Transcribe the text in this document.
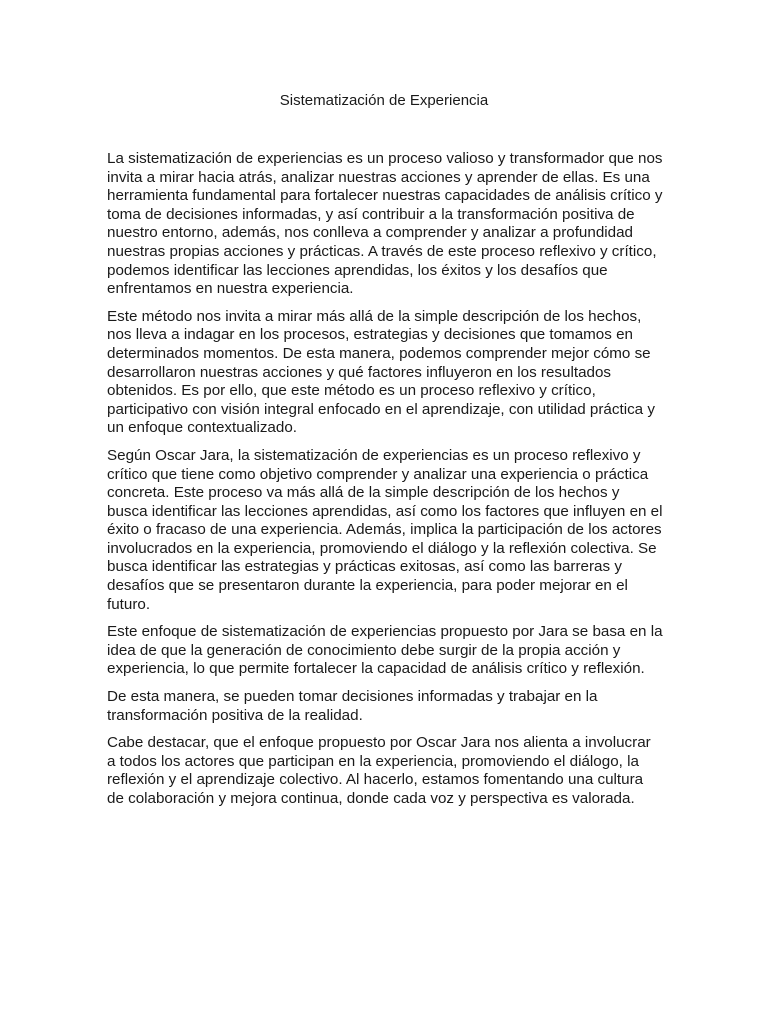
Sistematización de Experiencia

La sistematización de experiencias es un proceso valioso y transformador que nos invita a mirar hacia atrás, analizar nuestras acciones y aprender de ellas. Es una herramienta fundamental para fortalecer nuestras capacidades de análisis crítico y toma de decisiones informadas, y así contribuir a la transformación positiva de nuestro entorno, además, nos conlleva a comprender y analizar a profundidad nuestras propias acciones y prácticas. A través de este proceso reflexivo y crítico, podemos identificar las lecciones aprendidas, los éxitos y los desafíos que enfrentamos en nuestra experiencia.

Este método nos invita a mirar más allá de la simple descripción de los hechos, nos lleva a indagar en los procesos, estrategias y decisiones que tomamos en determinados momentos. De esta manera, podemos comprender mejor cómo se desarrollaron nuestras acciones y qué factores influyeron en los resultados obtenidos. Es por ello, que este método es un proceso reflexivo y crítico, participativo con visión integral enfocado en el aprendizaje, con utilidad práctica y un enfoque contextualizado.

Según Oscar Jara, la sistematización de experiencias es un proceso reflexivo y crítico que tiene como objetivo comprender y analizar una experiencia o práctica concreta. Este proceso va más allá de la simple descripción de los hechos y busca identificar las lecciones aprendidas, así como los factores que influyen en el éxito o fracaso de una experiencia. Además, implica la participación de los actores involucrados en la experiencia, promoviendo el diálogo y la reflexión colectiva. Se busca identificar las estrategias y prácticas exitosas, así como las barreras y desafíos que se presentaron durante la experiencia, para poder mejorar en el futuro.

Este enfoque de sistematización de experiencias propuesto por Jara se basa en la idea de que la generación de conocimiento debe surgir de la propia acción y experiencia, lo que permite fortalecer la capacidad de análisis crítico y reflexión.

De esta manera, se pueden tomar decisiones informadas y trabajar en la transformación positiva de la realidad.

Cabe destacar, que el enfoque propuesto por Oscar Jara nos alienta a involucrar a todos los actores que participan en la experiencia, promoviendo el diálogo, la reflexión y el aprendizaje colectivo. Al hacerlo, estamos fomentando una cultura de colaboración y mejora continua, donde cada voz y perspectiva es valorada.
